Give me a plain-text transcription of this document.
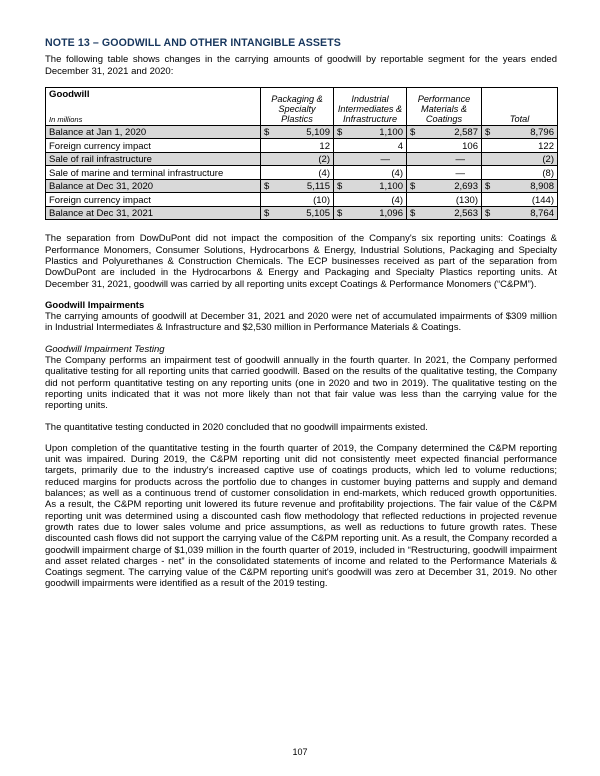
NOTE 13 – GOODWILL AND OTHER INTANGIBLE ASSETS

The following table shows changes in the carrying amounts of goodwill by reportable segment for the years ended December 31, 2021 and 2020:

Goodwill
In millions	Packaging & Specialty Plastics	Industrial Intermediates & Infrastructure	Performance Materials & Coatings	Total
Balance at Jan 1, 2020	$ 5,109	$ 1,100	$ 2,587	$ 8,796

Foreign currency impact	12	4	106	122

Sale of rail infrastructure	(2)	—	—	(2)

Sale of marine and terminal infrastructure	(4)	(4)	—	(8)

Balance at Dec 31, 2020	$ 5,115	$ 1,100	$ 2,693	$ 8,908

Foreign currency impact	(10)	(4)	(130)	(144)

Balance at Dec 31, 2021	$ 5,105	$ 1,096	$ 2,563	$ 8,764

The separation from DowDuPont did not impact the composition of the Company's six reporting units: Coatings & Performance Monomers, Consumer Solutions, Hydrocarbons & Energy, Industrial Solutions, Packaging and Specialty Plastics and Polyurethanes & Construction Chemicals. The ECP businesses received as part of the separation from DowDuPont are included in the Hydrocarbons & Energy and Packaging and Specialty Plastics reporting units. At December 31, 2021, goodwill was carried by all reporting units except Coatings & Performance Monomers (“C&PM”).

Goodwill Impairments

The carrying amounts of goodwill at December 31, 2021 and 2020 were net of accumulated impairments of $309 million in Industrial Intermediates & Infrastructure and $2,530 million in Performance Materials & Coatings.

Goodwill Impairment Testing

The Company performs an impairment test of goodwill annually in the fourth quarter. In 2021, the Company performed qualitative testing for all reporting units that carried goodwill. Based on the results of the qualitative testing, the Company did not perform quantitative testing on any reporting units (one in 2020 and two in 2019). The qualitative testing on the reporting units indicated that it was not more likely than not that fair value was less than the carrying value for the reporting units.

The quantitative testing conducted in 2020 concluded that no goodwill impairments existed.

Upon completion of the quantitative testing in the fourth quarter of 2019, the Company determined the C&PM reporting unit was impaired. During 2019, the C&PM reporting unit did not consistently meet expected financial performance targets, primarily due to the industry's increased captive use of coatings products, which led to volume reductions; reduced margins for products across the portfolio due to changes in customer buying patterns and supply and demand balances; as well as a continuous trend of customer consolidation in end-markets, which reduced growth opportunities. As a result, the C&PM reporting unit lowered its future revenue and profitability projections. The fair value of the C&PM reporting unit was determined using a discounted cash flow methodology that reflected reductions in projected revenue growth rates due to lower sales volume and price assumptions, as well as reductions to future growth rates. These discounted cash flows did not support the carrying value of the C&PM reporting unit. As a result, the Company recorded a goodwill impairment charge of $1,039 million in the fourth quarter of 2019, included in “Restructuring, goodwill impairment and asset related charges - net” in the consolidated statements of income and related to the Performance Materials & Coatings segment. The carrying value of the C&PM reporting unit's goodwill was zero at December 31, 2019. No other goodwill impairments were identified as a result of the 2019 testing.

107
